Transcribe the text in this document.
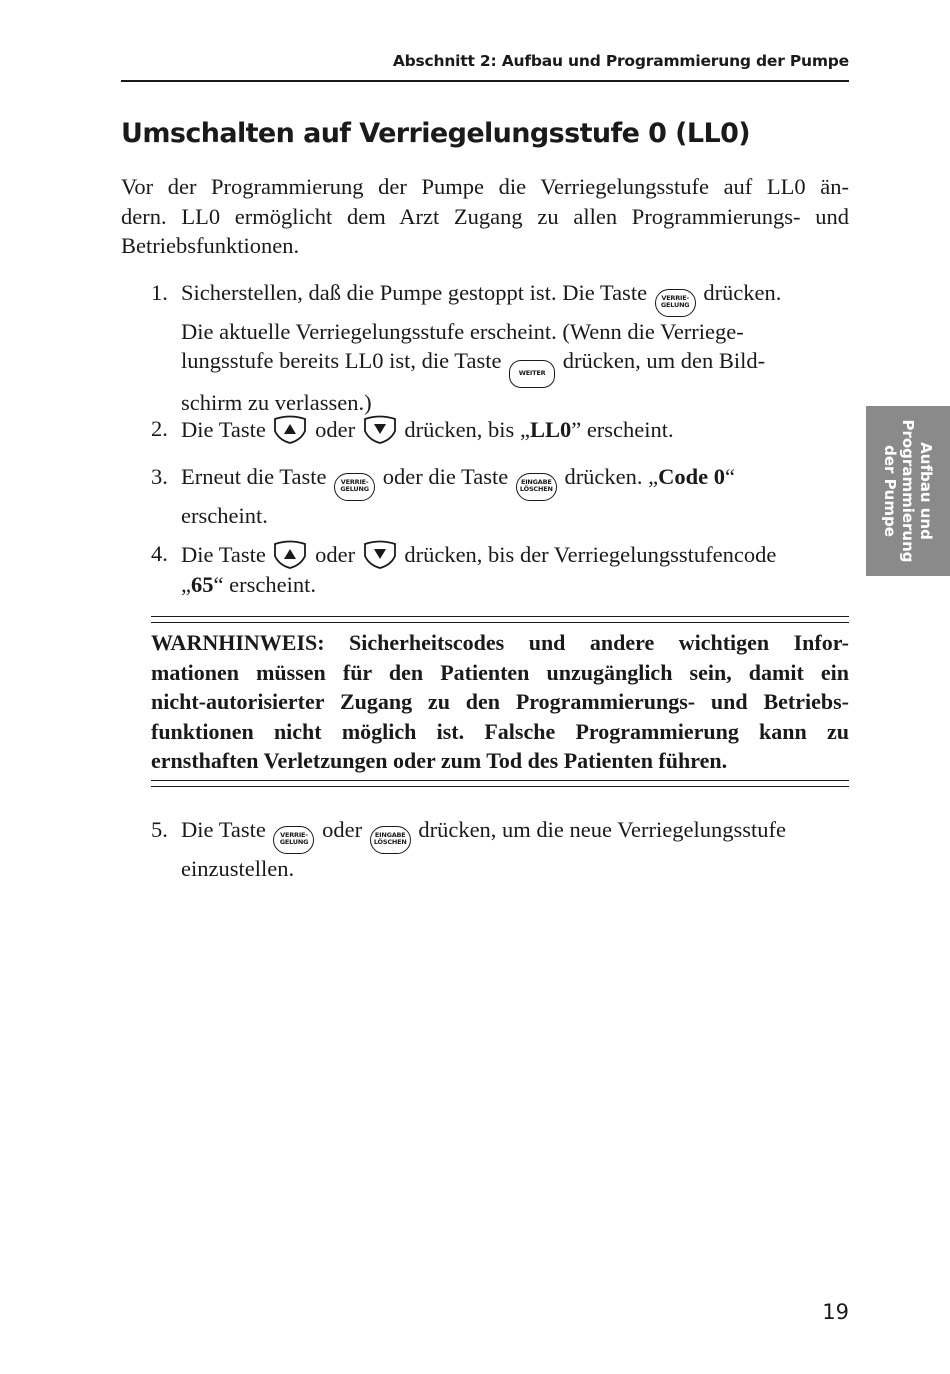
Abschnitt 2: Aufbau und Programmierung der Pumpe
Umschalten auf Verriegelungsstufe 0 (LL0)
Vor der Programmierung der Pumpe die Verriegelungsstufe auf LL0 än-
dern. LL0 ermöglicht dem Arzt Zugang zu allen Programmierungs- und
Betriebsfunktionen.
1. Sicherstellen, daß die Pumpe gestoppt ist. Die Taste VERRIE-
GELUNG drücken.
Die aktuelle Verriegelungsstufe erscheint. (Wenn die Verriege-
lungsstufe bereits LL0 ist, die Taste	WEITER drücken, um den Bild-
schirm zu verlassen.)
2. Die Taste oder drücken, bis „LL0” erscheint.
3. Erneut die Taste VERRIE-
GELUNG oder die Taste EINGABE
LÖSCHEN drücken. „Code 0“
erscheint.
4. Die Taste oder drücken, bis der Verriegelungsstufencode
„65“ erscheint.
WARNHINWEIS: Sicherheitscodes und andere wichtigen Infor-
mationen müssen für den Patienten unzugänglich sein, damit ein
nicht-autorisierter Zugang zu den Programmierungs- und Betriebs-
funktionen nicht möglich ist. Falsche Programmierung kann zu
ernsthaften Verletzungen oder zum Tod des Patienten führen.
5. Die Taste VERRIE-
GELUNG oder EINGABE
LÖSCHEN drücken, um die neue Verriegelungsstufe
einzustellen.
Aufbau und
Programmierung
der Pumpe
19
